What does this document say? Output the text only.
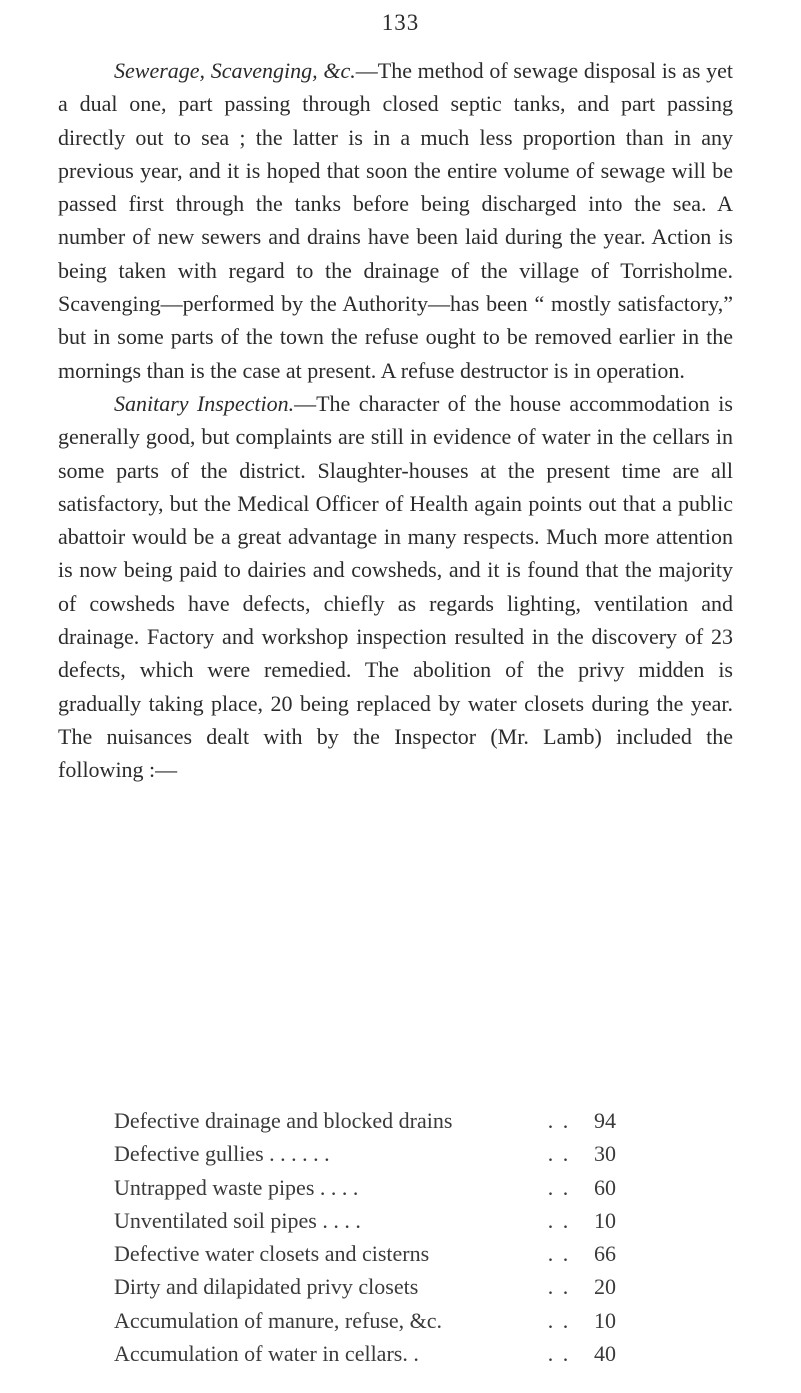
133

Sewerage, Scavenging, &c.—The method of sewage disposal is as yet a dual one, part passing through closed septic tanks, and part passing directly out to sea ; the latter is in a much less proportion than in any previous year, and it is hoped that soon the entire volume of sewage will be passed first through the tanks before being discharged into the sea. A number of new sewers and drains have been laid during the year. Action is being taken with regard to the drainage of the village of Torrisholme. Scavenging—performed by the Authority—has been “ mostly satisfactory,” but in some parts of the town the refuse ought to be removed earlier in the mornings than is the case at present. A refuse destructor is in operation.

Sanitary Inspection.—The character of the house accommodation is generally good, but complaints are still in evidence of water in the cellars in some parts of the district. Slaughter-houses at the present time are all satisfactory, but the Medical Officer of Health again points out that a public abattoir would be a great advantage in many respects. Much more attention is now being paid to dairies and cowsheds, and it is found that the majority of cowsheds have defects, chiefly as regards lighting, ventilation and drainage. Factory and workshop inspection resulted in the discovery of 23 defects, which were remedied. The abolition of the privy midden is gradually taking place, 20 being replaced by water closets during the year. The nuisances dealt with by the Inspector (Mr. Lamb) included the following :—

Defective drainage and blocked drains	. .	94
Defective gullies . . . . . .	. .	30
Untrapped waste pipes . . . .	. .	60
Unventilated soil pipes . . . .	. .	10
Defective water closets and cisterns	. .	66
Dirty and dilapidated privy closets	. .	20
Accumulation of manure, refuse, &c.	. .	10
Accumulation of water in cellars. .	. .	40
